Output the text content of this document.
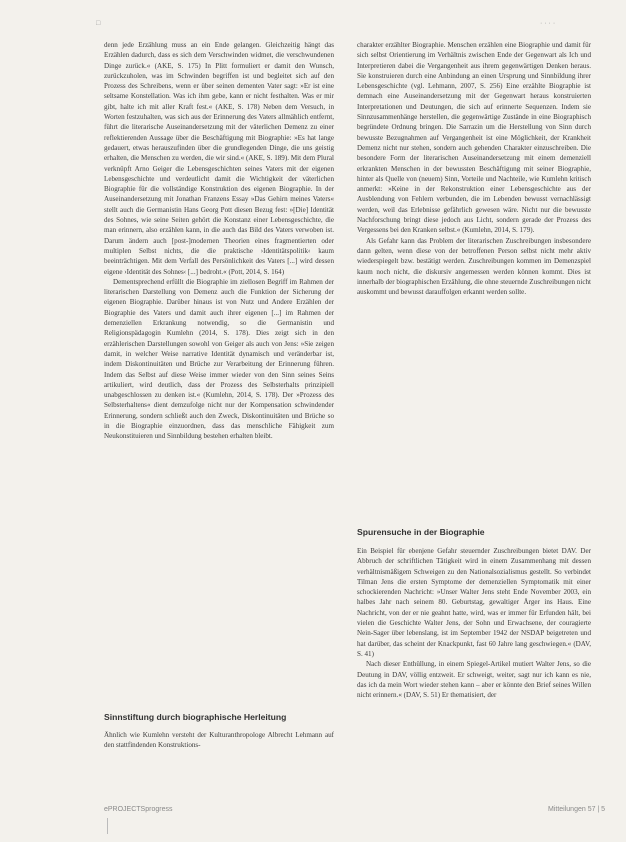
□	· · · ·

denn jede Erzählung muss an ein Ende gelangen. Gleichzeitig hängt das Erzählen dadurch, dass es sich dem Verschwinden widmet, die verschwundenen Dinge zurück.« (AKE, S. 175) In Plitt formuliert er damit den Wunsch, zurückzuholen, was im Schwinden begriffen ist und begleitet sich auf den Prozess des Schreibens, wenn er über seinen dementen Vater sagt: »Er ist eine seltsame Konstellation. Was ich ihm gebe, kann er nicht festhalten. Was er mir gibt, halte ich mit aller Kraft fest.« (AKE, S. 178) Neben dem Versuch, in Worten festzuhalten, was sich aus der Erinnerung des Vaters allmählich entfernt, führt die literarische Auseinandersetzung mit der väterlichen Demenz zu einer reflektierenden Aussage über die Beschäftigung mit Biographie: »Es hat lange gedauert, etwas herauszufinden über die grundlegenden Dinge, die uns geistig erhalten, die Menschen zu werden, die wir sind.« (AKE, S. 189). Mit dem Plural verknüpft Arno Geiger die Lebensgeschichten seines Vaters mit der eigenen Lebensgeschichte und verdeutlicht damit die Wichtigkeit der väterlichen Biographie für die vollständige Konstruktion des eigenen Biographie. In der Auseinandersetzung mit Jonathan Franzens Essay »Das Gehirn meines Vaters« stellt auch die Germanistin Hans Georg Pott diesen Bezug fest: »[Die] Identität des Sohnes, wie seine Seiten gehört die Konstanz einer Lebensgeschichte, die man erinnern, also erzählen kann, in die auch das Bild des Vaters verwoben ist. Darum ändern auch [post-]modernen Theorien eines fragmentierten oder multiplen Selbst nichts, die die praktische ›Identitätspolitik‹ kaum beeinträchtigen. Mit dem Verfall des Persönlichkeit des Vaters [...] wird dessen eigene ›Identität des Sohnes‹ [...] bedroht.« (Pott, 2014, S. 164)

Dementsprechend erfüllt die Biographie im ziellosen Begriff im Rahmen der literarischen Darstellung von Demenz auch die Funktion der Sicherung der eigenen Biographie. Darüber hinaus ist von Nutz und Andere Erzählen der Biographie des Vaters und damit auch ihrer eigenen [...] im Rahmen der demenziellen Erkrankung notwendig, so die Germanistin und Religionspädagogin Kumlehn (2014, S. 178). Dies zeigt sich in den erzählerischen Darstellungen sowohl von Geiger als auch von Jens: »Sie zeigen damit, in welcher Weise narrative Identität dynamisch und veränderbar ist, indem Diskontinuitäten und Brüche zur Verarbeitung der Erinnerung führen. Indem das Selbst auf diese Weise immer wieder von den Sinn seines Seins artikuliert, wird deutlich, dass der Prozess des Selbsterhalts prinzipiell unabgeschlossen zu denken ist.« (Kumlehn, 2014, S. 178). Der »Prozess des Selbsterhaltens« dient demzufolge nicht nur der Kompensation schwindender Erinnerung, sondern schließt auch den Zweck, Diskontinuitäten und Brüche so in die Biographie einzuordnen, dass das menschliche Fähigkeit zum Neukonstituieren und Sinnbildung bestehen erhalten bleibt.

Sinnstiftung durch biographische Herleitung

Ähnlich wie Kumlehn versteht der Kulturanthropologe Albrecht Lehmann auf den stattfindenden Konstruktions-

charakter erzählter Biographie. Menschen erzählen eine Biographie und damit für sich selbst Orientierung im Verhältnis zwischen Ende der Gegenwart als Ich und Interpretieren dabei die Vergangenheit aus ihrem gegenwärtigen Denken heraus. Sie konstruieren durch eine Anbindung an einen Ursprung und Sinnbildung ihrer Lebensgeschichte (vgl. Lehmann, 2007, S. 256) Eine erzählte Biographie ist demnach eine Auseinandersetzung mit der Gegenwart heraus konstruierten Interpretationen und Deutungen, die sich auf erinnerte Sequenzen. Indem sie Sinnzusammenhänge herstellen, die gegenwärtige Zustände in eine Biographisch begründete Ordnung bringen. Die Sarrazin um die Herstellung von Sinn durch bewusste Bezugnahmen auf Vergangenheit ist eine Möglichkeit, der Krankheit Demenz nicht nur stehen, sondern auch gehenden Charakter einzuschreiben. Die besondere Form der literarischen Auseinandersetzung mit einem demenziell erkrankten Menschen in der bewussten Beschäftigung mit seiner Biographie, hinter als Quelle von (neuem) Sinn, Vorteile und Nachteile, wie Kumlehn kritisch anmerkt: »Keine in der Rekonstruktion einer Lebensgeschichte aus der Ausblendung von Fehlern verbunden, die im Lebenden bewusst vernachlässigt werden, weil das Erlebnisse gefährlich gewesen wäre. Nicht nur die bewusste Nachforschung bringt diese jedoch aus Licht, sondern gerade der Prozess des Vergessens bei den Kranken selbst.« (Kumlehn, 2014, S. 179).

Als Gefahr kann das Problem der literarischen Zuschreibungen insbesondere dann gelten, wenn diese von der betroffenen Person selbst nicht mehr aktiv wiederspiegelt bzw. bestätigt werden. Zuschreibungen kommen im Demenzspiel kaum noch nicht, die diskursiv angemessen werden können kommt. Dies ist innerhalb der biographischen Erzählung, die ohne steuernde Zuschreibungen nicht auskommt und bewusst darauffolgen erkannt werden sollte.

Spurensuche in der Biographie

Ein Beispiel für ebenjene Gefahr steuernder Zuschreibungen bietet DAV. Der Abbruch der schriftlichen Tätigkeit wird in einem Zusammenhang mit dessen verhältnismäßigem Schweigen zu den Nationalsozialismus gestellt. So verbindet Tilman Jens die ersten Symptome der demenziellen Symptomatik mit einer schockierenden Nachricht: »Unser Walter Jens steht Ende November 2003, ein halbes Jahr nach seinem 80. Geburtstag, gewaltiger Ärger ins Haus. Eine Nachricht, von der er nie geahnt hatte, wird, was er immer für Erfunden hält, bei vielen die Geschichte Walter Jens, der Sohn und Erwachsene, der couragierte Nein-Sager über lebenslang, ist im September 1942 der NSDAP beigetreten und hat darüber, das scheint der Knackpunkt, fast 60 Jahre lang geschwiegen.« (DAV, S. 41)

Nach dieser Enthüllung, in einem Spiegel-Artikel mutiert Walter Jens, so die Deutung in DAV, völlig entzweit. Er schweigt, weiter, sagt nur ich kann es nie, das ich da mein Wort wieder stehen kann – aber er könnte den Brief seines Willen nicht erinnern.« (DAV, S. 51) Er thematisiert, der

ePROJECTSprogress	Mitteilungen 57 | 5
